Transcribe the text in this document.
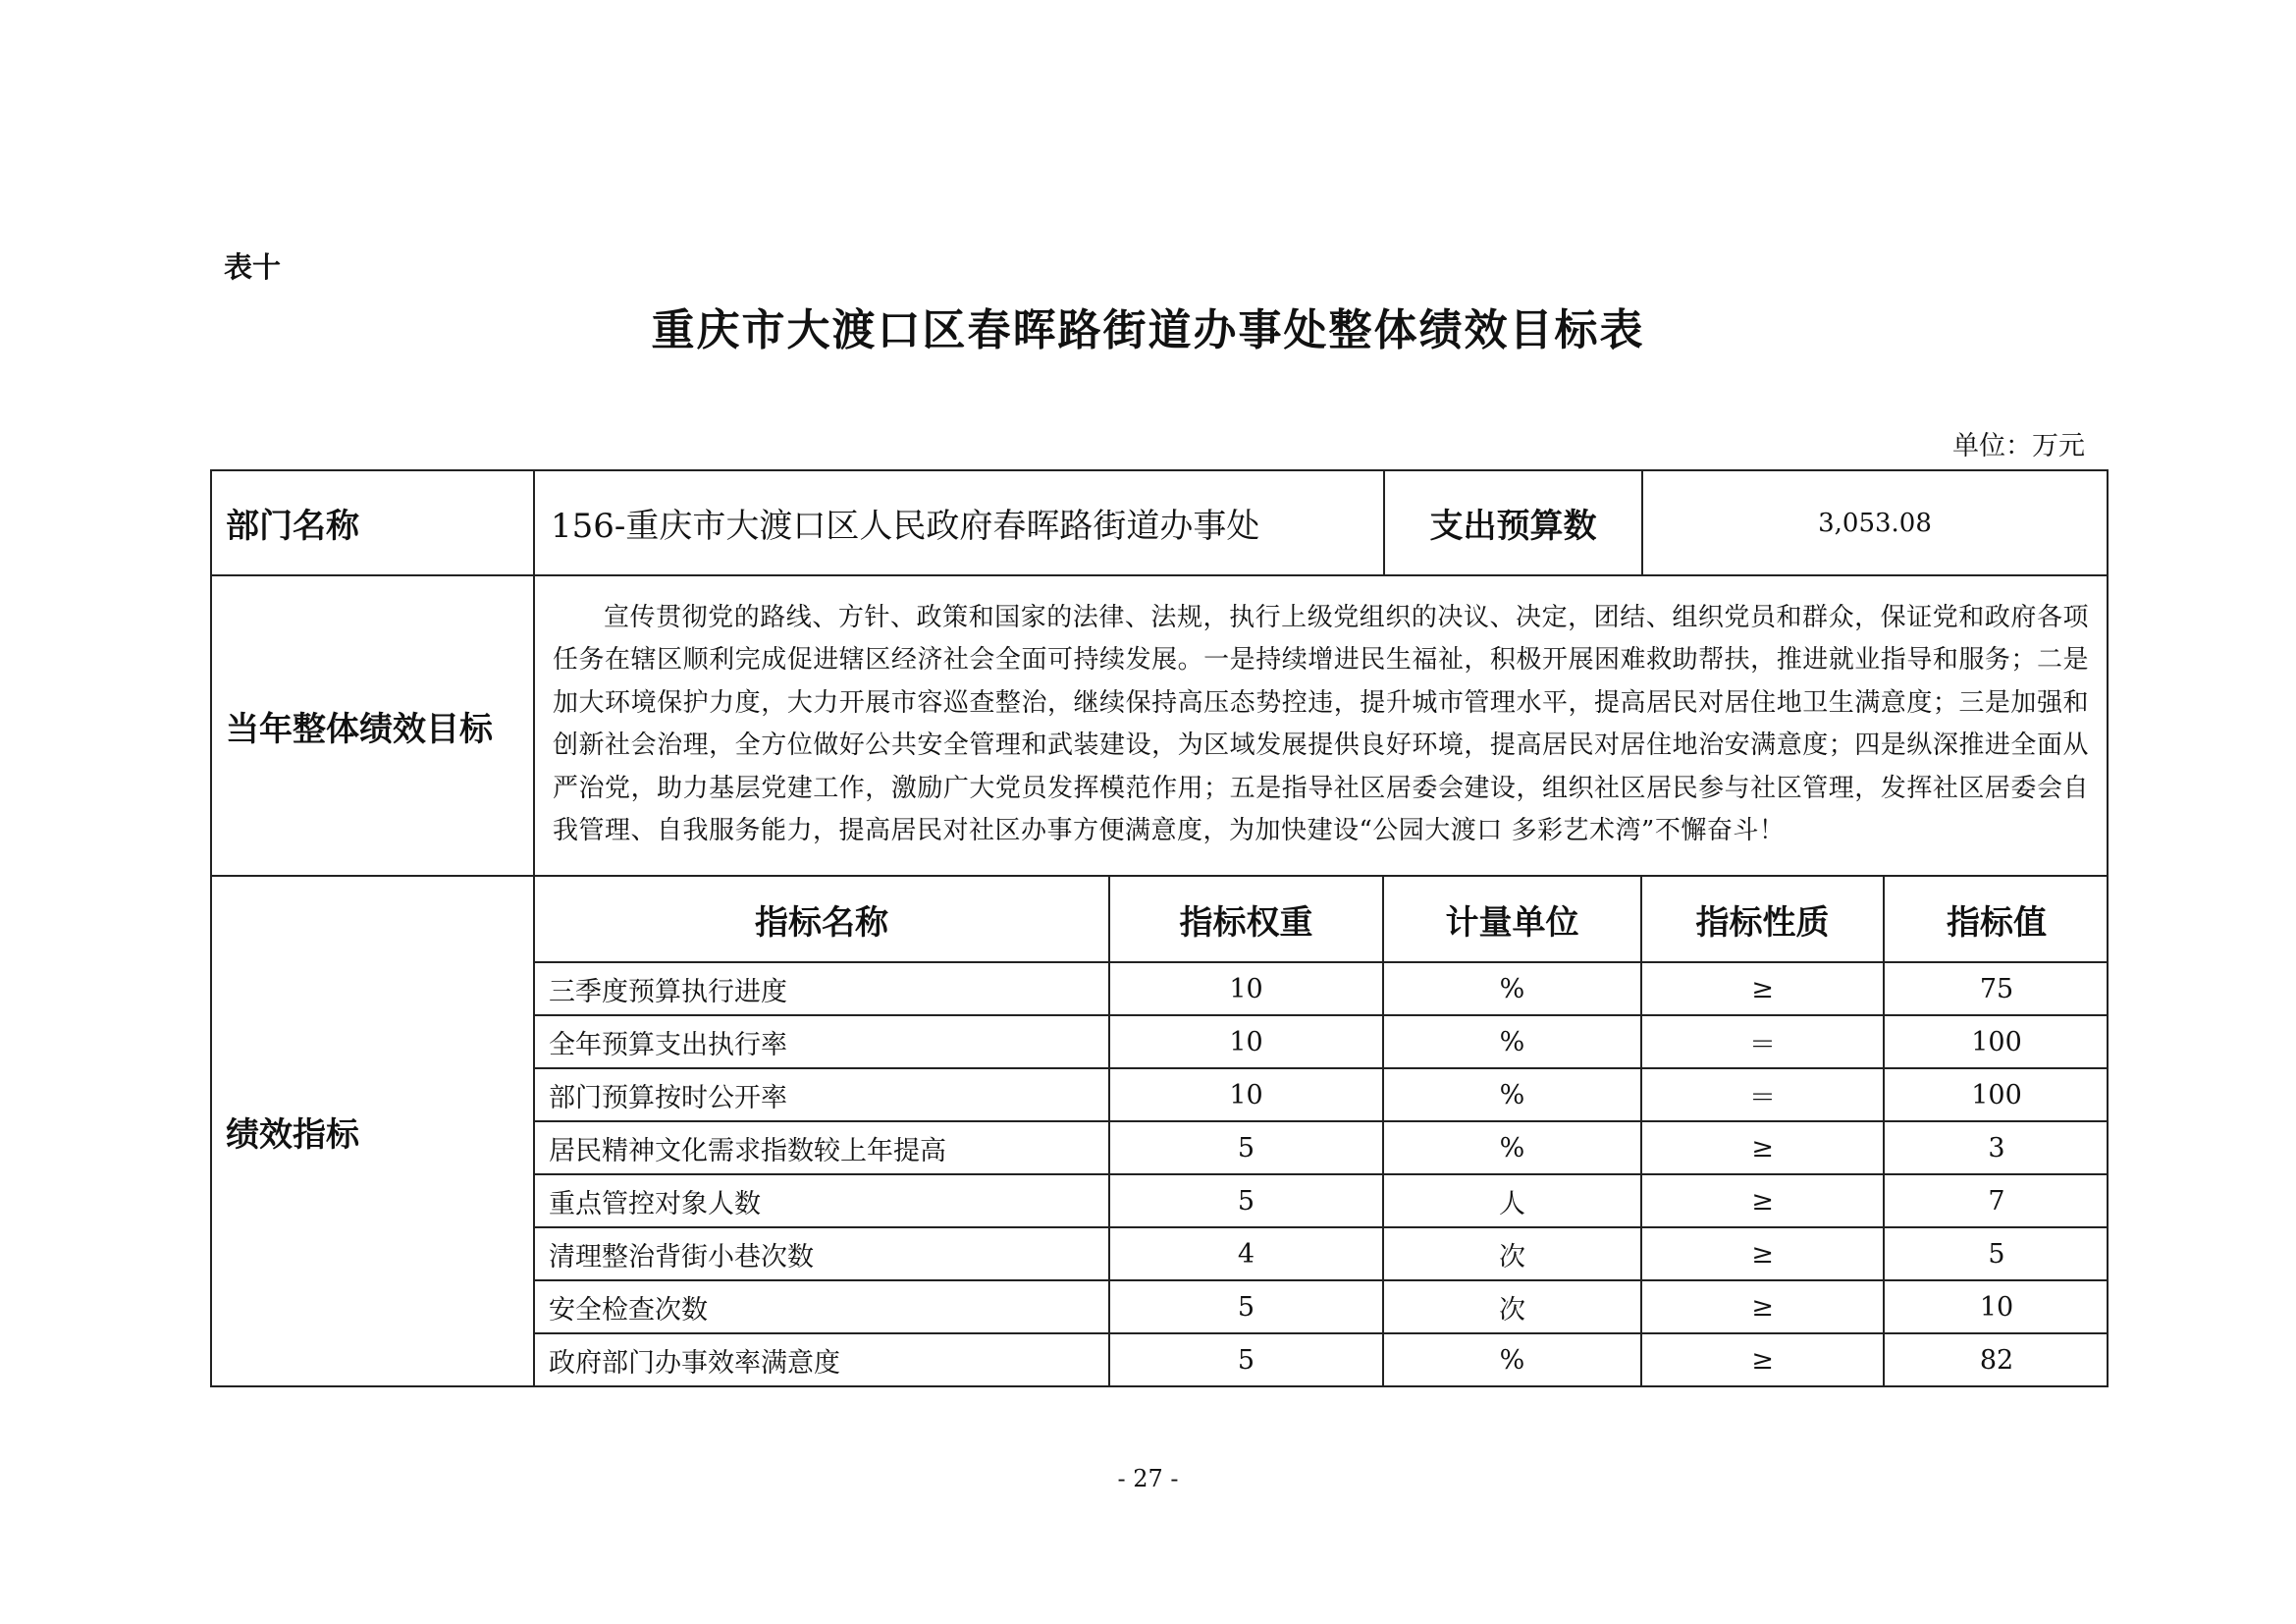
表十
重庆市大渡口区春晖路街道办事处整体绩效目标表
单位：万元
部门名称	156-重庆市大渡口区人民政府春晖路街道办事处	支出预算数	3,053.08
当年整体绩效目标	宣传贯彻党的路线、方针、政策和国家的法律、法规，执行上级党组织的决议、决定，团结、组织党员和群众，保证党和政府各项任务在辖区顺利完成促进辖区经济社会全面可持续发展。一是持续增进民生福祉，积极开展困难救助帮扶，推进就业指导和服务；二是加大环境保护力度，大力开展市容巡查整治，继续保持高压态势控违，提升城市管理水平，提高居民对居住地卫生满意度；三是加强和创新社会治理，全方位做好公共安全管理和武装建设，为区域发展提供良好环境，提高居民对居住地治安满意度；四是纵深推进全面从严治党，助力基层党建工作，激励广大党员发挥模范作用；五是指导社区居委会建设，组织社区居民参与社区管理，发挥社区居委会自我管理、自我服务能力，提高居民对社区办事方便满意度，为加快建设“公园大渡口 多彩艺术湾”不懈奋斗！
绩效指标	
指标名称	指标权重	计量单位	指标性质	指标值
三季度预算执行进度	10	%	≥	75
全年预算支出执行率	10	%	＝	100
部门预算按时公开率	10	%	＝	100
居民精神文化需求指数较上年提高	5	%	≥	3
重点管控对象人数	5	人	≥	7
清理整治背街小巷次数	4	次	≥	5
安全检查次数	5	次	≥	10
政府部门办事效率满意度	5	%	≥	82
- 27 -
